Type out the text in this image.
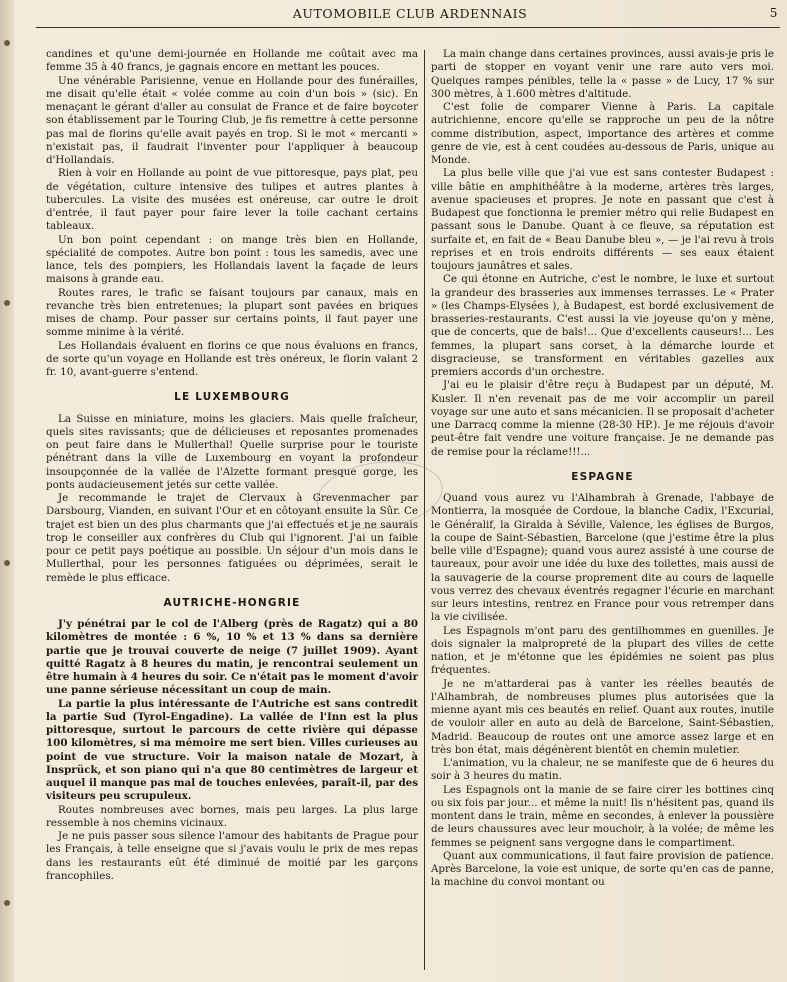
AUTOMOBILE CLUB ARDENNAIS	5

candines et qu'une demi-journée en Hollande me coûtait avec ma femme 35 à 40 francs, je gagnais encore en mettant les pouces.

Une vénérable Parisienne, venue en Hollande pour des funérailles, me disait qu'elle était « volée comme au coin d'un bois » (sic). En menaçant le gérant d'aller au consulat de France et de faire boycoter son établissement par le Touring Club, je fis remettre à cette personne pas mal de florins qu'elle avait payés en trop. Si le mot « mercanti » n'existait pas, il faudrait l'inventer pour l'appliquer à beaucoup d'Hollandais.

Rien à voir en Hollande au point de vue pittoresque, pays plat, peu de végétation, culture intensive des tulipes et autres plantes à tubercules. La visite des musées est onéreuse, car outre le droit d'entrée, il faut payer pour faire lever la toile cachant certains tableaux.

Un bon point cependant : on mange très bien en Hollande, spécialité de compotes. Autre bon point : tous les samedis, avec une lance, tels des pompiers, les Hollandais lavent la façade de leurs maisons à grande eau.

Routes rares, le trafic se faisant toujours par canaux, mais en revanche très bien entretenues; la plupart sont pavées en briques mises de champ. Pour passer sur certains points, il faut payer une somme minime à la vérité.

Les Hollandais évaluent en florins ce que nous évaluons en francs, de sorte qu'un voyage en Hollande est très onéreux, le florin valant 2 fr. 10, avant-guerre s'entend.

LE LUXEMBOURG

La Suisse en miniature, moins les glaciers. Mais quelle fraîcheur, quels sites ravissants; que de délicieuses et reposantes promenades on peut faire dans le Mullerthal! Quelle surprise pour le touriste pénétrant dans la ville de Luxembourg en voyant la profondeur insoupçonnée de la vallée de l'Alzette formant presque gorge, les ponts audacieusement jetés sur cette vallée.

Je recommande le trajet de Clervaux à Grevenmacher par Darsbourg, Vianden, en suivant l'Our et en côtoyant ensuite la Sûr. Ce trajet est bien un des plus charmants que j'ai effectués et je ne saurais trop le conseiller aux confrères du Club qui l'ignorent. J'ai un faible pour ce petit pays poétique au possible. Un séjour d'un mois dans le Mullerthal, pour les personnes fatiguées ou déprimées, serait le remède le plus efficace.

AUTRICHE-HONGRIE

J'y pénétrai par le col de l'Alberg (près de Ragatz) qui a 80 kilomètres de montée : 6 %, 10 % et 13 % dans sa dernière partie que je trouvai couverte de neige (7 juillet 1909). Ayant quitté Ragatz à 8 heures du matin, je rencontrai seulement un être humain à 4 heures du soir. Ce n'était pas le moment d'avoir une panne sérieuse nécessitant un coup de main.

La partie la plus intéressante de l'Autriche est sans contredit la partie Sud (Tyrol-Engadine). La vallée de l'Inn est la plus pittoresque, surtout le parcours de cette rivière qui dépasse 100 kilomètres, si ma mémoire me sert bien. Villes curieuses au point de vue structure. Voir la maison natale de Mozart, à Insprück, et son piano qui n'a que 80 centimètres de largeur et auquel il manque pas mal de touches enlevées, paraît-il, par des visiteurs peu scrupuleux.

Routes nombreuses avec bornes, mais peu larges. La plus large ressemble à nos chemins vicinaux.

Je ne puis passer sous silence l'amour des habitants de Prague pour les Français, à telle enseigne que si j'avais voulu le prix de mes repas dans les restaurants eût été diminué de moitié par les garçons francophiles.

La main change dans certaines provinces, aussi avais-je pris le parti de stopper en voyant venir une rare auto vers moi. Quelques rampes pénibles, telle la « passe » de Lucy, 17 % sur 300 mètres, à 1.600 mètres d'altitude.

C'est folie de comparer Vienne à Paris. La capitale autrichienne, encore qu'elle se rapproche un peu de la nôtre comme distribution, aspect, importance des artères et comme genre de vie, est à cent coudées au-dessous de Paris, unique au Monde.

La plus belle ville que j'ai vue est sans contester Budapest : ville bâtie en amphithéâtre à la moderne, artères très larges, avenue spacieuses et propres. Je note en passant que c'est à Budapest que fonctionna le premier métro qui relie Budapest en passant sous le Danube. Quant à ce fleuve, sa réputation est surfaite et, en fait de « Beau Danube bleu », — je l'ai revu à trois reprises et en trois endroits différents — ses eaux étaient toujours jaunâtres et sales.

Ce qui étonne en Autriche, c'est le nombre, le luxe et surtout la grandeur des brasseries aux immenses terrasses. Le « Prater » (les Champs-Elysées ), à Budapest, est bordé exclusivement de brasseries-restaurants. C'est aussi la vie joyeuse qu'on y mène, que de concerts, que de bals!... Que d'excellents causeurs!... Les femmes, la plupart sans corset, à la démarche lourde et disgracieuse, se transforment en véritables gazelles aux premiers accords d'un orchestre.

J'ai eu le plaisir d'être reçu à Budapest par un député, M. Kusler. Il n'en revenait pas de me voir accomplir un pareil voyage sur une auto et sans mécanicien. Il se proposait d'acheter une Darracq comme la mienne (28-30 HP.). Je me réjouis d'avoir peut-être fait vendre une voiture française. Je ne demande pas de remise pour la réclame!!!...

ESPAGNE

Quand vous aurez vu l'Alhambrah à Grenade, l'abbaye de Montierra, la mosquée de Cordoue, la blanche Cadix, l'Excurial, le Généralif, la Giralda à Séville, Valence, les églises de Burgos, la coupe de Saint-Sébastien, Barcelone (que j'estime être la plus belle ville d'Espagne); quand vous aurez assisté à une course de taureaux, pour avoir une idée du luxe des toilettes, mais aussi de la sauvagerie de la course proprement dite au cours de laquelle vous verrez des chevaux éventrés regagner l'écurie en marchant sur leurs intestins, rentrez en France pour vous retremper dans la vie civilisée.

Les Espagnols m'ont paru des gentilhommes en guenilles. Je dois signaler la malpropreté de la plupart des villes de cette nation, et je m'étonne que les épidémies ne soient pas plus fréquentes.

Je ne m'attarderai pas à vanter les réelles beautés de l'Alhambrah, de nombreuses plumes plus autorisées que la mienne ayant mis ces beautés en relief. Quant aux routes, inutile de vouloir aller en auto au delà de Barcelone, Saint-Sébastien, Madrid. Beaucoup de routes ont une amorce assez large et en très bon état, mais dégénèrent bientôt en chemin muletier.

L'animation, vu la chaleur, ne se manifeste que de 6 heures du soir à 3 heures du matin.

Les Espagnols ont la manie de se faire cirer les bottines cinq ou six fois par jour... et même la nuit! Ils n'hésitent pas, quand ils montent dans le train, même en secondes, à enlever la poussière de leurs chaussures avec leur mouchoir, à la volée; de même les femmes se peignent sans vergogne dans le compartiment.

Quant aux communications, il faut faire provision de patience. Après Barcelone, la voie est unique, de sorte qu'en cas de panne, la machine du convoi montant ou
